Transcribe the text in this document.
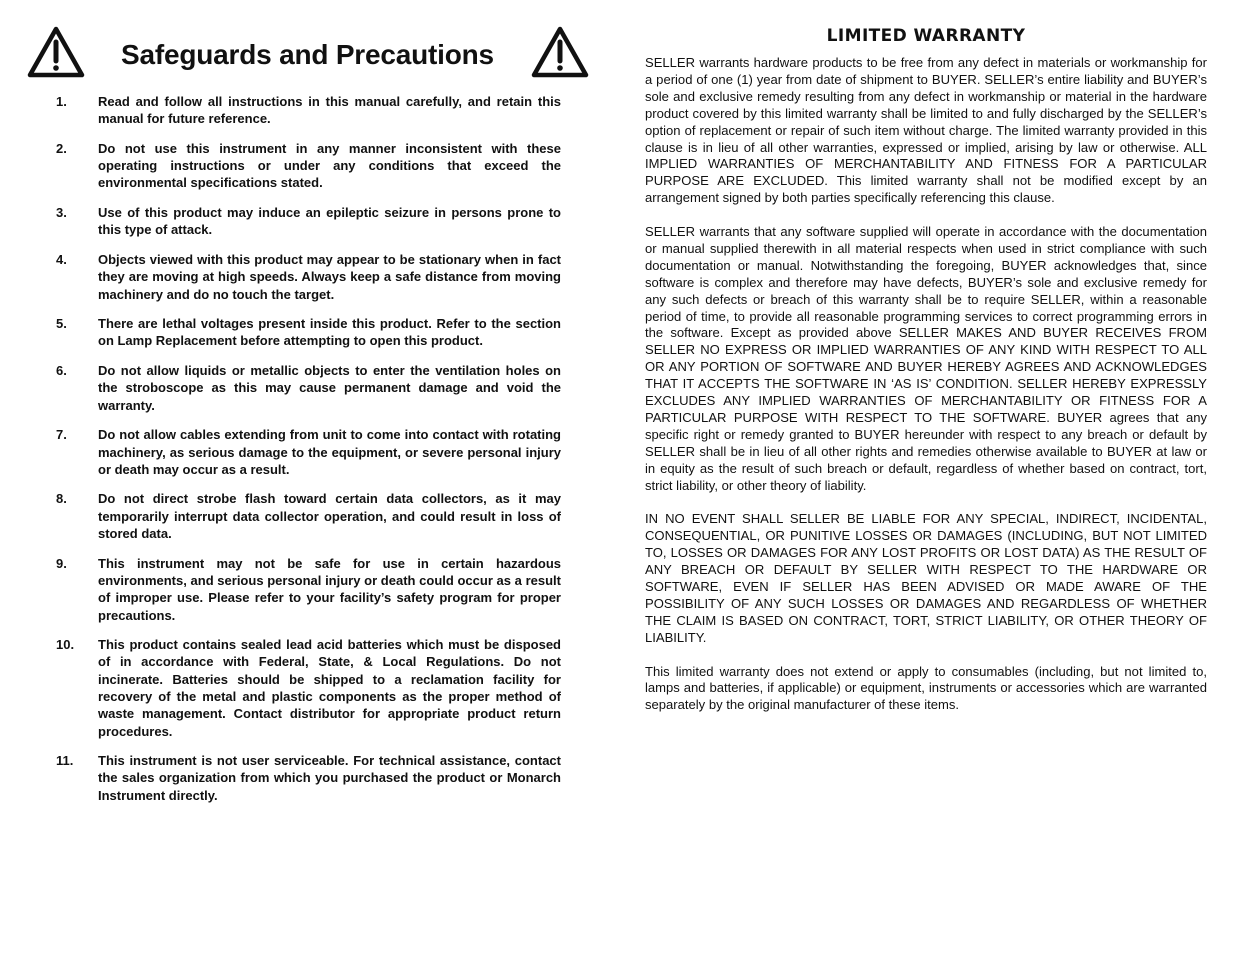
Safeguards and Precautions
1.	Read and follow all instructions in this manual carefully, and retain this manual for future reference.
2.	Do not use this instrument in any manner inconsistent with these operating instructions or under any conditions that exceed the environmental specifications stated.
3.	Use of this product may induce an epileptic seizure in persons prone to this type of attack.
4.	Objects viewed with this product may appear to be stationary when in fact they are moving at high speeds. Always keep a safe distance from moving machinery and do no touch the target.
5.	There are lethal voltages present inside this product. Refer to the section on Lamp Replacement before attempting to open this product.
6.	Do not allow liquids or metallic objects to enter the ventilation holes on the stroboscope as this may cause permanent damage and void the warranty.
7.	Do not allow cables extending from unit to come into contact with rotating machinery, as serious damage to the equipment, or severe personal injury or death may occur as a result.
8.	Do not direct strobe flash toward certain data collectors, as it may temporarily interrupt data collector operation, and could result in loss of stored data.
9.	This instrument may not be safe for use in certain hazardous environments, and serious personal injury or death could occur as a result of improper use. Please refer to your facility’s safety program for proper precautions.
10.	This product contains sealed lead acid batteries which must be disposed of in accordance with Federal, State, & Local Regulations. Do not incinerate. Batteries should be shipped to a reclamation facility for recovery of the metal and plastic components as the proper method of waste management. Contact distributor for appropriate product return procedures.
11.	This instrument is not user serviceable. For technical assistance, contact the sales organization from which you purchased the product or Monarch Instrument directly.
LIMITED WARRANTY

SELLER warrants hardware products to be free from any defect in materials or workmanship for a period of one (1) year from date of shipment to BUYER. SELLER’s entire liability and BUYER’s sole and exclusive remedy resulting from any defect in workmanship or material in the hardware product covered by this limited warranty shall be limited to and fully discharged by the SELLER’s option of replacement or repair of such item without charge. The limited warranty provided in this clause is in lieu of all other warranties, expressed or implied, arising by law or otherwise. ALL IMPLIED WARRANTIES OF MERCHANTABILITY AND FITNESS FOR A PARTICULAR PURPOSE ARE EXCLUDED. This limited warranty shall not be modified except by an arrangement signed by both parties specifically referencing this clause.

SELLER warrants that any software supplied will operate in accordance with the documentation or manual supplied therewith in all material respects when used in strict compliance with such documentation or manual. Notwithstanding the foregoing, BUYER acknowledges that, since software is complex and therefore may have defects, BUYER’s sole and exclusive remedy for any such defects or breach of this warranty shall be to require SELLER, within a reasonable period of time, to provide all reasonable programming services to correct programming errors in the software. Except as provided above SELLER MAKES AND BUYER RECEIVES FROM SELLER NO EXPRESS OR IMPLIED WARRANTIES OF ANY KIND WITH RESPECT TO ALL OR ANY PORTION OF SOFTWARE AND BUYER HEREBY AGREES AND ACKNOWLEDGES THAT IT ACCEPTS THE SOFTWARE IN ‘AS IS’ CONDITION. SELLER HEREBY EXPRESSLY EXCLUDES ANY IMPLIED WARRANTIES OF MERCHANTABILITY OR FITNESS FOR A PARTICULAR PURPOSE WITH RESPECT TO THE SOFTWARE. BUYER agrees that any specific right or remedy granted to BUYER hereunder with respect to any breach or default by SELLER shall be in lieu of all other rights and remedies otherwise available to BUYER at law or in equity as the result of such breach or default, regardless of whether based on contract, tort, strict liability, or other theory of liability.

IN NO EVENT SHALL SELLER BE LIABLE FOR ANY SPECIAL, INDIRECT, INCIDENTAL, CONSEQUENTIAL, OR PUNITIVE LOSSES OR DAMAGES (INCLUDING, BUT NOT LIMITED TO, LOSSES OR DAMAGES FOR ANY LOST PROFITS OR LOST DATA) AS THE RESULT OF ANY BREACH OR DEFAULT BY SELLER WITH RESPECT TO THE HARDWARE OR SOFTWARE, EVEN IF SELLER HAS BEEN ADVISED OR MADE AWARE OF THE POSSIBILITY OF ANY SUCH LOSSES OR DAMAGES AND REGARDLESS OF WHETHER THE CLAIM IS BASED ON CONTRACT, TORT, STRICT LIABILITY, OR OTHER THEORY OF LIABILITY.

This limited warranty does not extend or apply to consumables (including, but not limited to, lamps and batteries, if applicable) or equipment, instruments or accessories which are warranted separately by the original manufacturer of these items.
